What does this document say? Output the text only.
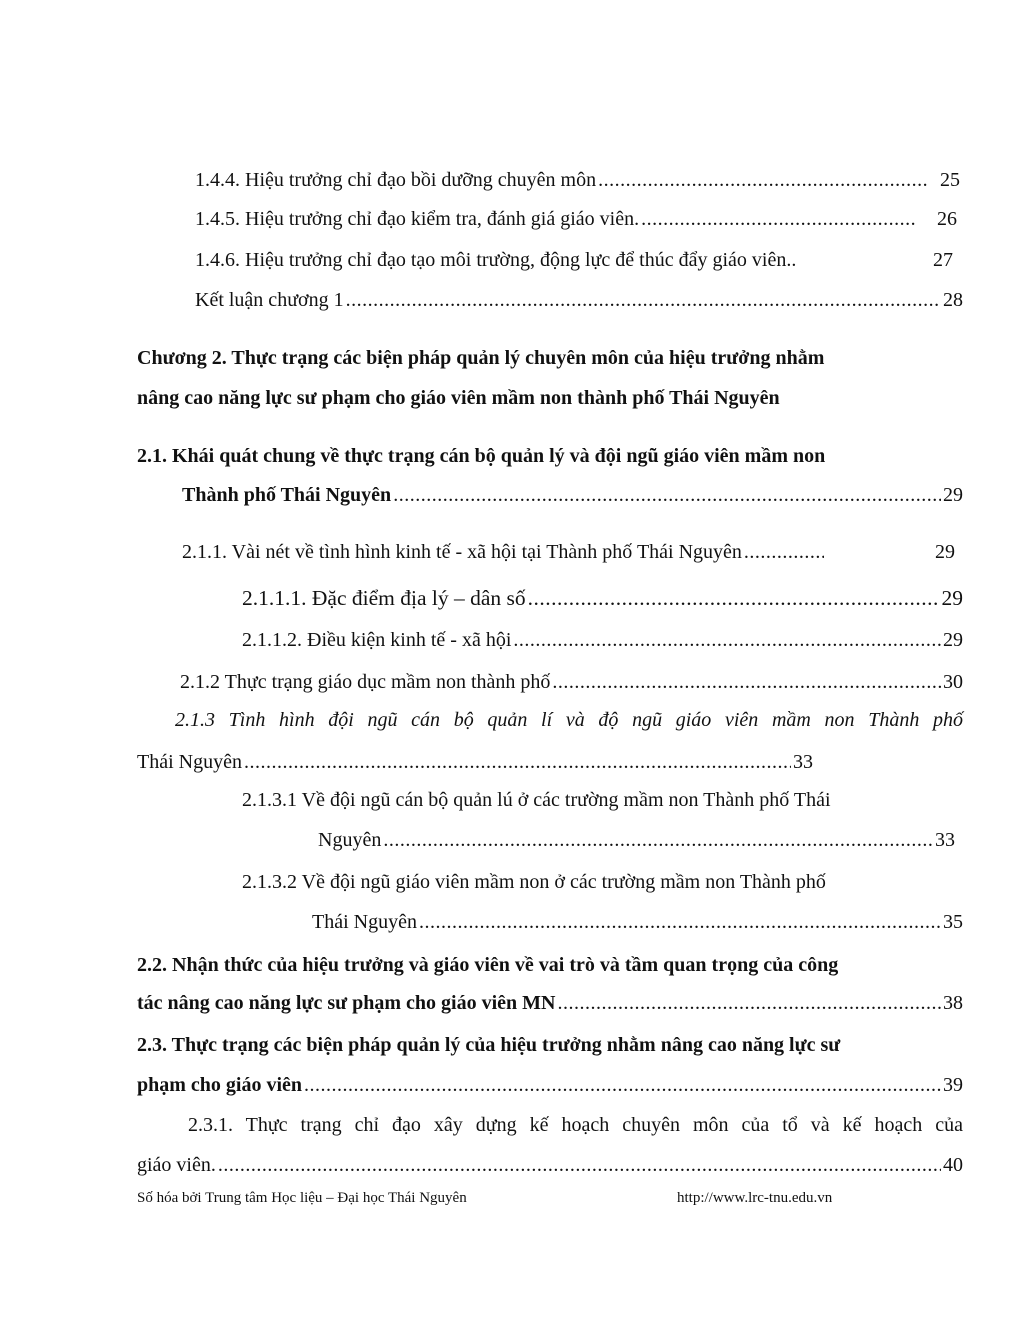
1.4.4. Hiệu trưởng chỉ đạo bồi dưỡng chuyên môn .....	25
1.4.5. Hiệu trưởng chỉ đạo kiểm tra, đánh giá giáo viên. .....	26
1.4.6. Hiệu trưởng chỉ đạo tạo môi trường, động lực để thúc đẩy giáo viên..	27
Kết luận chương 1 .....	28
Chương 2. Thực trạng các biện pháp quản lý chuyên môn của hiệu trưởng nhằm
nâng cao năng lực sư phạm cho giáo viên mầm non thành phố Thái Nguyên
2.1. Khái quát chung về thực trạng cán bộ quản lý và đội ngũ giáo viên mầm non
Thành phố Thái Nguyên .....	29
2.1.1. Vài nét về tình hình kinh tế - xã hội tại Thành phố Thái Nguyên .....	29
2.1.1.1. Đặc điểm địa lý – dân số .....	29
2.1.1.2. Điều kiện kinh tế - xã hội .....	29
2.1.2 Thực trạng giáo dục mầm non thành phố .....	30
2.1.3 Tình hình đội ngũ cán bộ quản lí và độ ngũ giáo viên mầm non Thành phố
Thái Nguyên .....	33
2.1.3.1 Về đội ngũ cán bộ quản lú ở các trường mầm non Thành phố Thái
Nguyên .....	33
2.1.3.2 Về đội ngũ giáo viên mầm non ở các trường mầm non Thành phố
Thái Nguyên .....	35
2.2. Nhận thức của hiệu trưởng và giáo viên về vai trò và tầm quan trọng của công
tác nâng cao năng lực sư phạm cho giáo viên MN .....	38
2.3. Thực trạng các biện pháp quản lý của hiệu trưởng nhằm nâng cao năng lực sư
phạm cho giáo viên .....	39
2.3.1. Thực trạng chỉ đạo xây dựng kế hoạch chuyên môn của tổ và kế hoạch của
giáo viên. .....	40
Số hóa bởi Trung tâm Học liệu – Đại học Thái Nguyên	http://www.lrc-tnu.edu.vn
